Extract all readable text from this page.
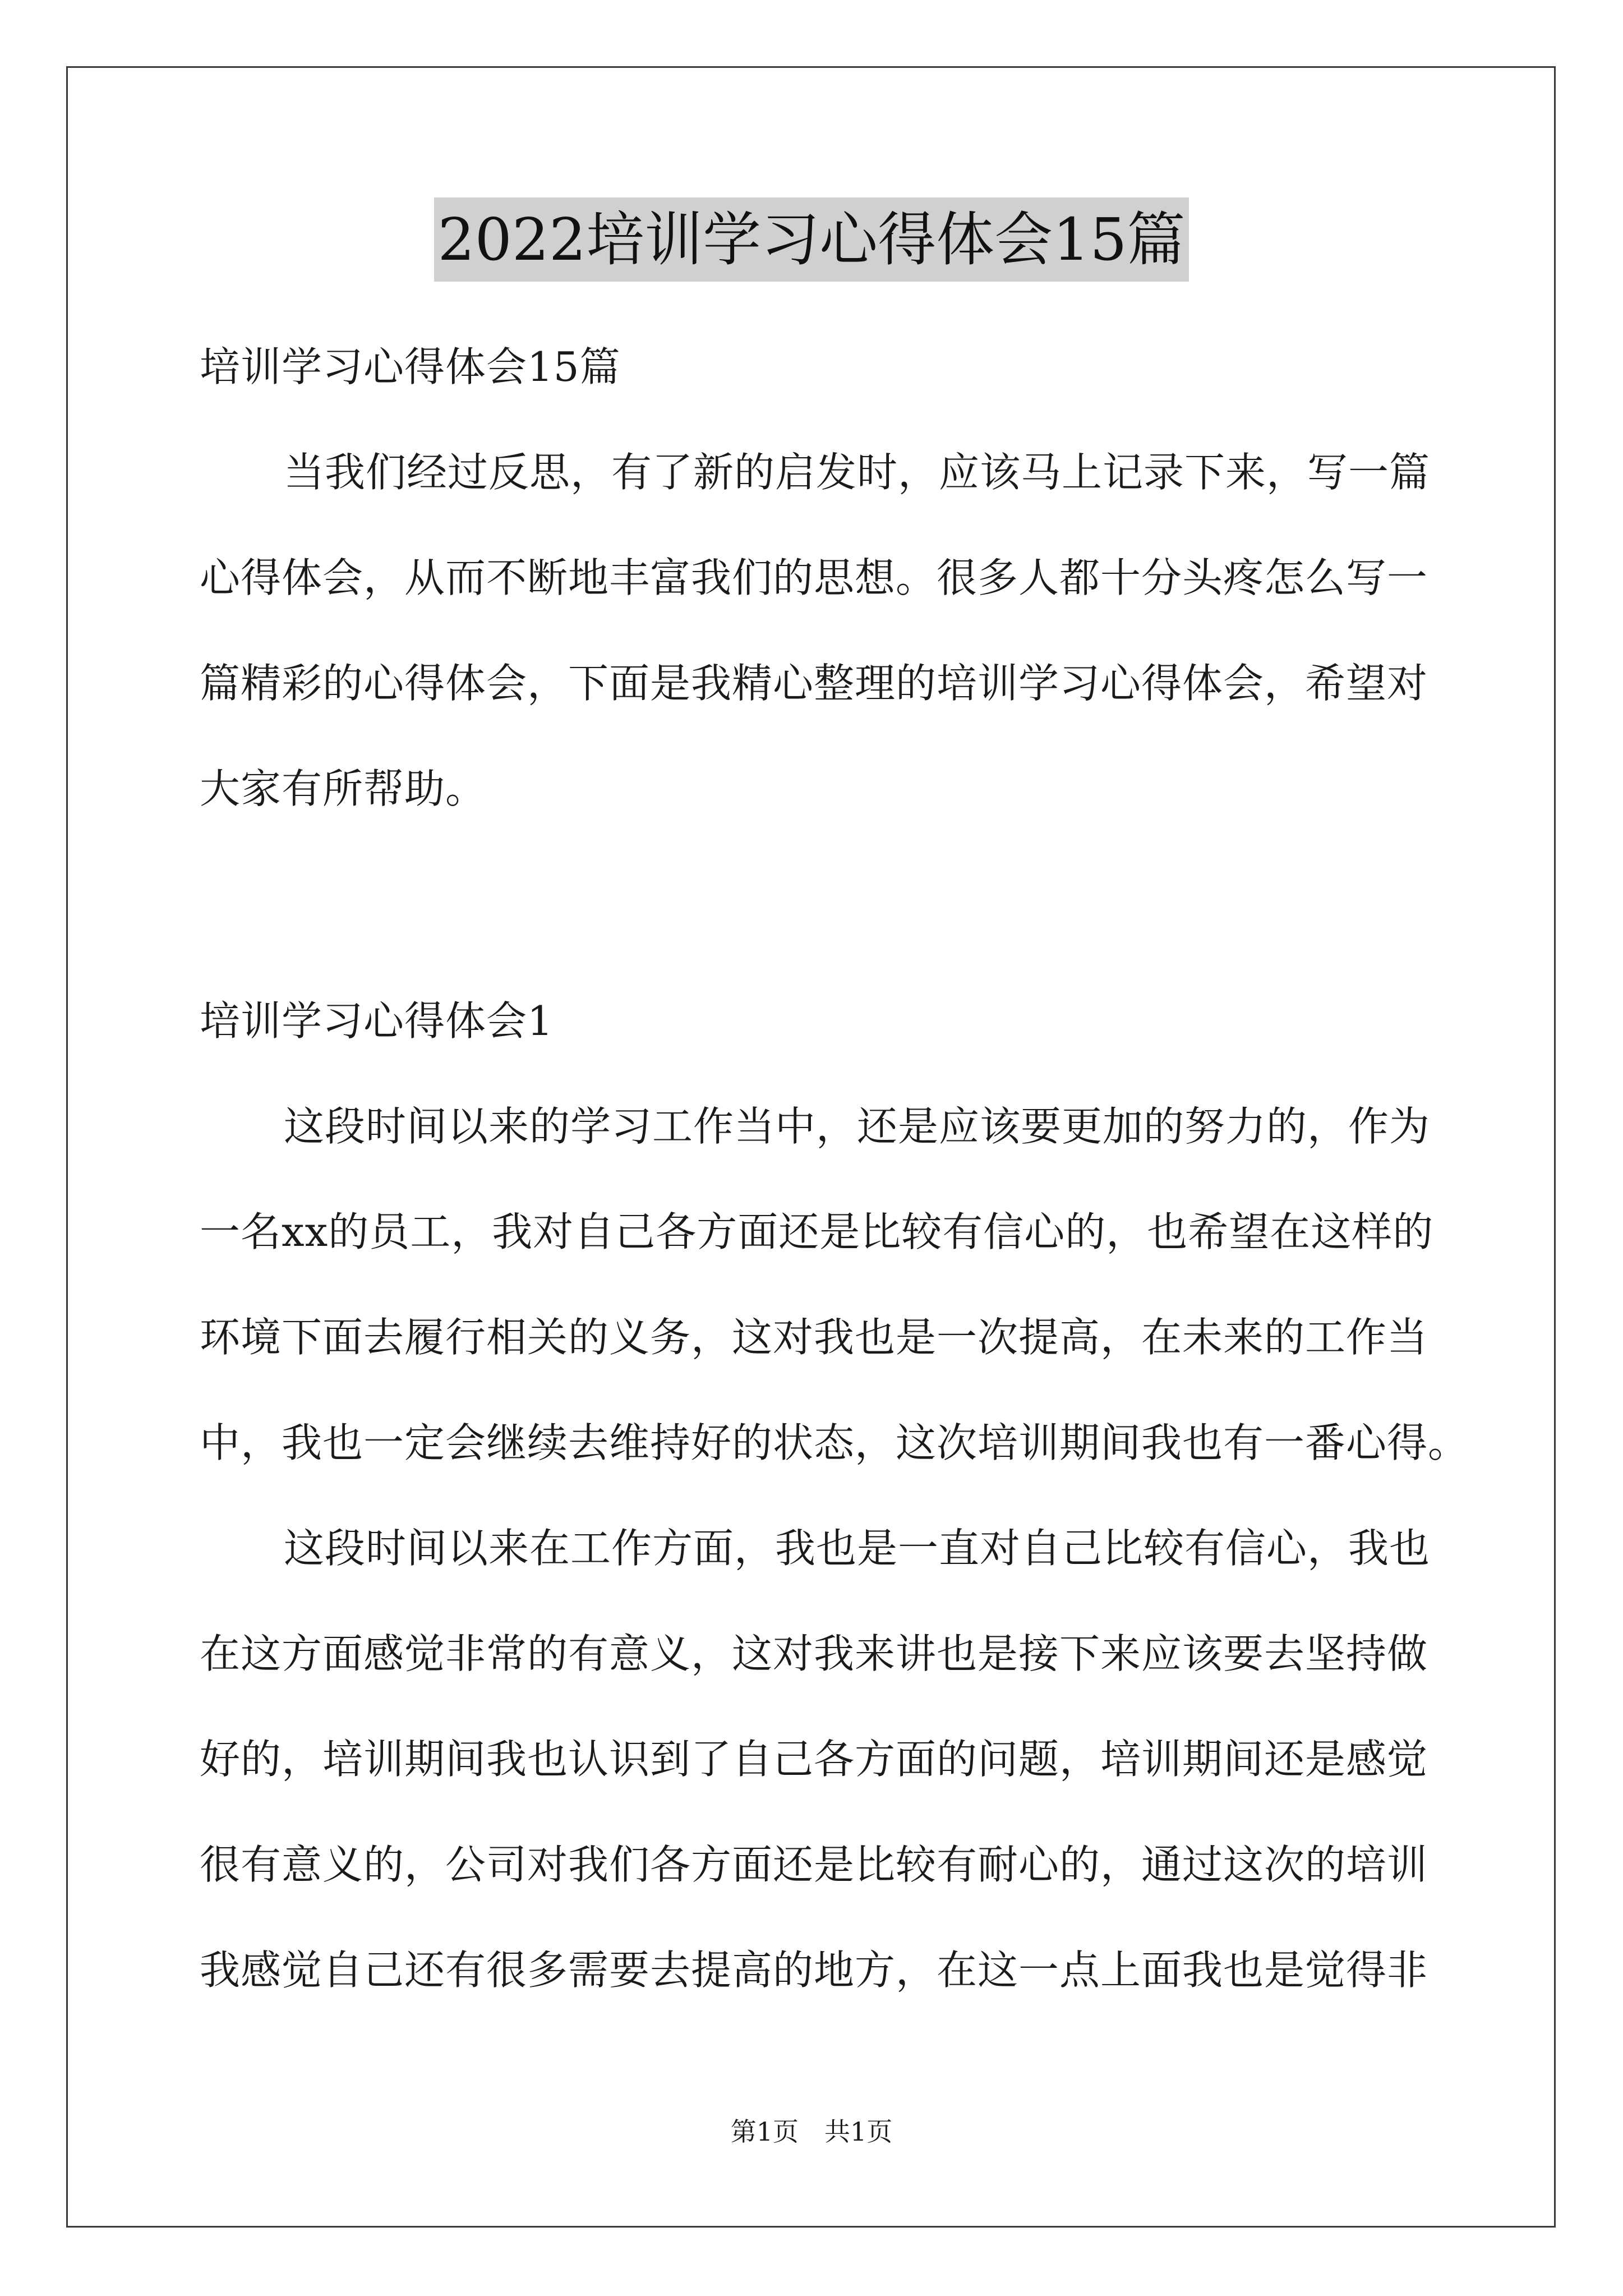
2022培训学习心得体会15篇
培训学习心得体会15篇
当我们经过反思，有了新的启发时，应该马上记录下来，写一篇
心得体会，从而不断地丰富我们的思想。很多人都十分头疼怎么写一
篇精彩的心得体会，下面是我精心整理的培训学习心得体会，希望对
大家有所帮助。
培训学习心得体会1
这段时间以来的学习工作当中，还是应该要更加的努力的，作为
一名xx的员工，我对自己各方面还是比较有信心的，也希望在这样的
环境下面去履行相关的义务，这对我也是一次提高，在未来的工作当
中，我也一定会继续去维持好的状态，这次培训期间我也有一番心得。
这段时间以来在工作方面，我也是一直对自己比较有信心，我也
在这方面感觉非常的有意义，这对我来讲也是接下来应该要去坚持做
好的，培训期间我也认识到了自己各方面的问题，培训期间还是感觉
很有意义的，公司对我们各方面还是比较有耐心的，通过这次的培训
我感觉自己还有很多需要去提高的地方，在这一点上面我也是觉得非
第1页　共1页
